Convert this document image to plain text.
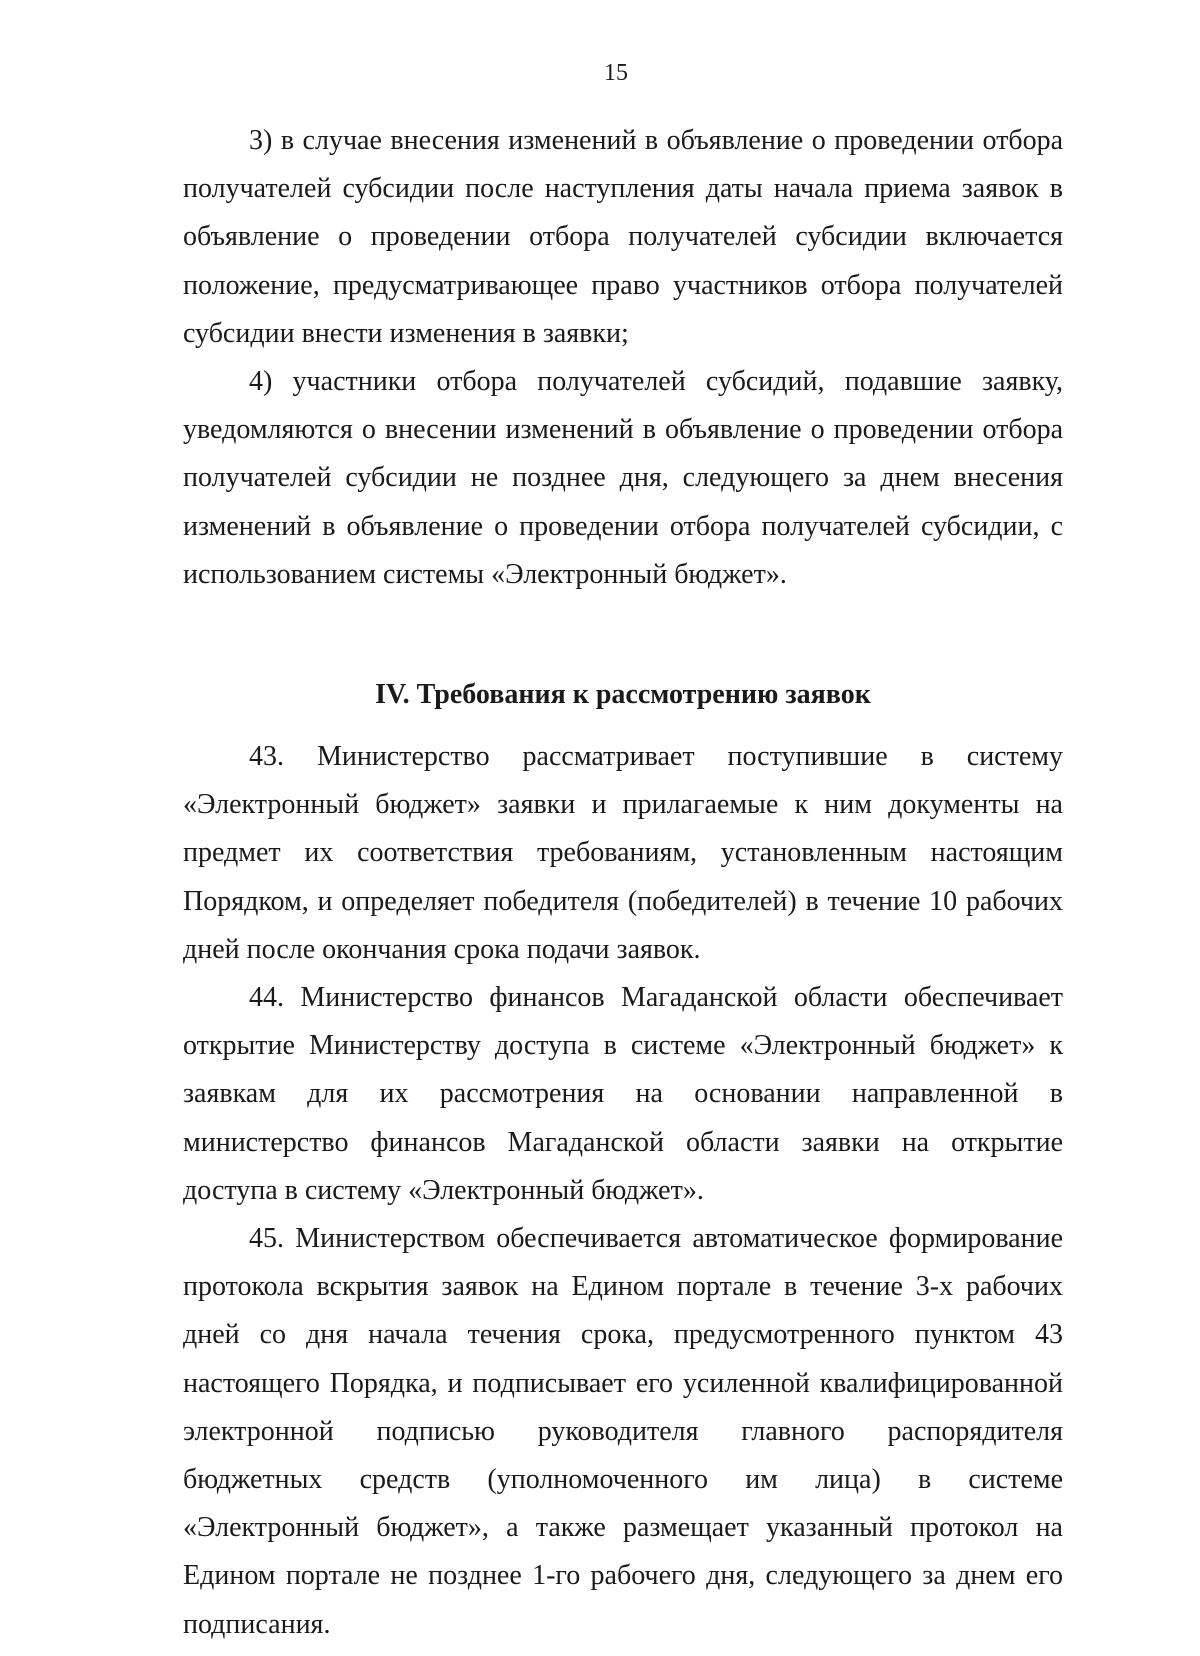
15

3) в случае внесения изменений в объявление о проведении отбора получателей субсидии после наступления даты начала приема заявок в объявление о проведении отбора получателей субсидии включается положение, предусматривающее право участников отбора получателей субсидии внести изменения в заявки;

4) участники отбора получателей субсидий, подавшие заявку, уведомляются о внесении изменений в объявление о проведении отбора получателей субсидии не позднее дня, следующего за днем внесения изменений в объявление о проведении отбора получателей субсидии, с использованием системы «Электронный бюджет».

IV. Требования к рассмотрению заявок

43. Министерство рассматривает поступившие в систему «Электронный бюджет» заявки и прилагаемые к ним документы на предмет их соответствия требованиям, установленным настоящим Порядком, и определяет победителя (победителей) в течение 10 рабочих дней после окончания срока подачи заявок.

44. Министерство финансов Магаданской области обеспечивает открытие Министерству доступа в системе «Электронный бюджет» к заявкам для их рассмотрения на основании направленной в министерство финансов Магаданской области заявки на открытие доступа в систему «Электронный бюджет».

45. Министерством обеспечивается автоматическое формирование протокола вскрытия заявок на Едином портале в течение 3-х рабочих дней со дня начала течения срока, предусмотренного пунктом 43 настоящего Порядка, и подписывает его усиленной квалифицированной электронной подписью руководителя главного распорядителя бюджетных средств (уполномоченного им лица) в системе «Электронный бюджет», а также размещает указанный протокол на Едином портале не позднее 1-го рабочего дня, следующего за днем его подписания.
